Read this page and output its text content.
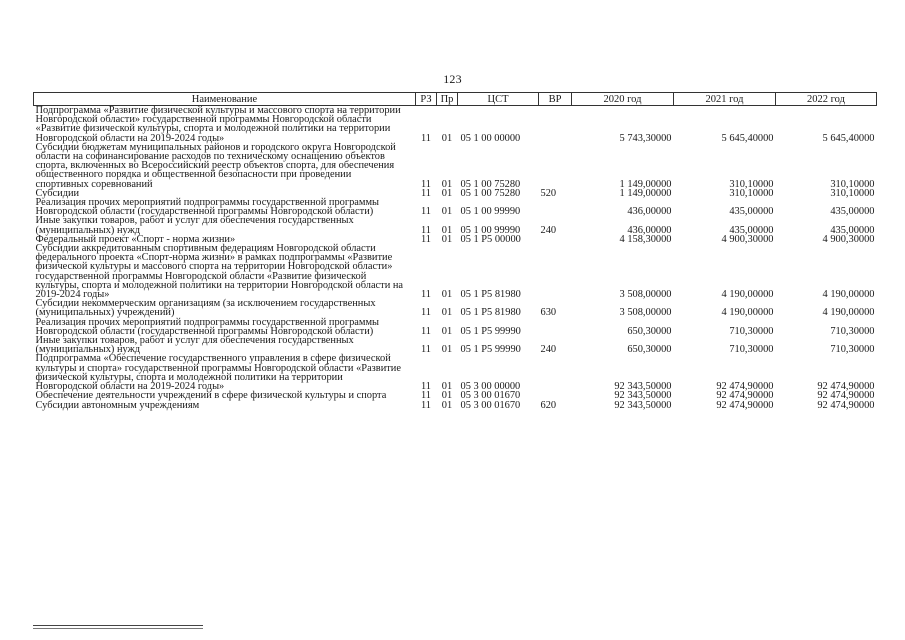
123
Наименование	РЗ	Пр	ЦСТ	ВР	2020 год	2021 год	2022 год
Подпрограмма «Развитие физической культуры и массового спорта на территории Новгородской области» государственной программы Новгородской области «Развитие физической культуры, спорта и молодежной политики на территории Новгородской области на 2019-2024 годы»	11	01	05 1 00 00000		5 743,30000	5 645,40000	5 645,40000
Субсидии бюджетам муниципальных районов и городского округа Новгородской области на софинансирование расходов по техническому оснащению объектов спорта, включенных во Всероссийский реестр объектов спорта, для обеспечения общественного порядка и общественной безопасности при проведении спортивных соревнований	11	01	05 1 00 75280		1 149,00000	310,10000	310,10000
Субсидии	11	01	05 1 00 75280	520	1 149,00000	310,10000	310,10000
Реализация прочих мероприятий подпрограммы государственной программы Новгородской области (государственной программы Новгородской области)	11	01	05 1 00 99990		436,00000	435,00000	435,00000
Иные закупки товаров, работ и услуг для обеспечения государственных (муниципальных) нужд	11	01	05 1 00 99990	240	436,00000	435,00000	435,00000
Федеральный проект «Спорт - норма жизни»	11	01	05 1 P5 00000		4 158,30000	4 900,30000	4 900,30000
Субсидии аккредитованным спортивным федерациям Новгородской области федерального проекта «Спорт-норма жизни» в рамках подпрограммы «Развитие физической культуры и массового спорта на территории Новгородской области» государственной программы Новгородской области «Развитие физической культуры, спорта и молодежной политики на территории Новгородской области на 2019-2024 годы»	11	01	05 1 P5 81980		3 508,00000	4 190,00000	4 190,00000
Субсидии некоммерческим организациям (за исключением государственных (муниципальных) учреждений)	11	01	05 1 P5 81980	630	3 508,00000	4 190,00000	4 190,00000
Реализация прочих мероприятий подпрограммы государственной программы Новгородской области (государственной программы Новгородской области)	11	01	05 1 P5 99990		650,30000	710,30000	710,30000
Иные закупки товаров, работ и услуг для обеспечения государственных (муниципальных) нужд	11	01	05 1 P5 99990	240	650,30000	710,30000	710,30000
Подпрограмма «Обеспечение государственного управления в сфере физической культуры и спорта» государственной программы Новгородской области «Развитие физической культуры, спорта и молодежной политики на территории Новгородской области на 2019-2024 годы»	11	01	05 3 00 00000		92 343,50000	92 474,90000	92 474,90000
Обеспечение деятельности учреждений в сфере физической культуры и спорта	11	01	05 3 00 01670		92 343,50000	92 474,90000	92 474,90000
Субсидии автономным учреждениям	11	01	05 3 00 01670	620	92 343,50000	92 474,90000	92 474,90000
